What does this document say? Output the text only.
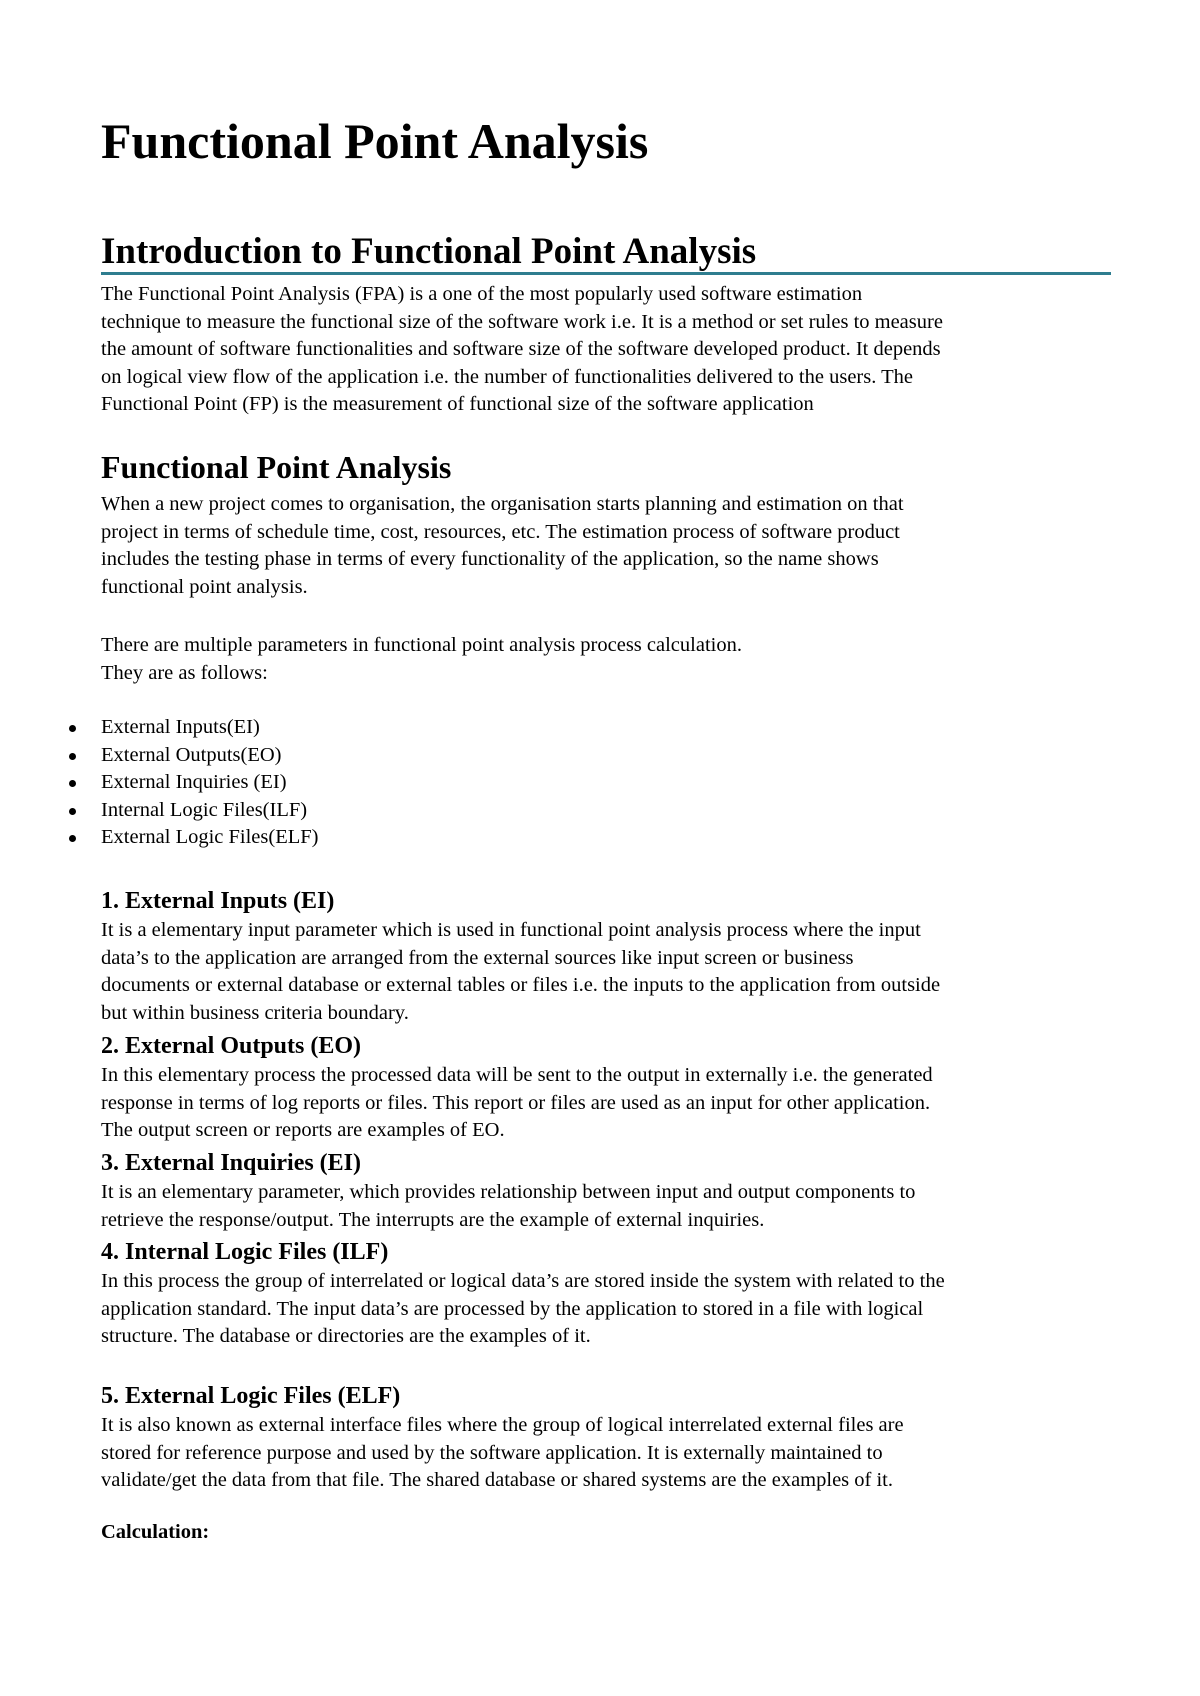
Functional Point Analysis
Introduction to Functional Point Analysis

The Functional Point Analysis (FPA) is a one of the most popularly used software estimation
technique to measure the functional size of the software work i.e. It is a method or set rules to measure
the amount of software functionalities and software size of the software developed product. It depends
on logical view flow of the application i.e. the number of functionalities delivered to the users. The
Functional Point (FP) is the measurement of functional size of the software application

Functional Point Analysis

When a new project comes to organisation, the organisation starts planning and estimation on that
project in terms of schedule time, cost, resources, etc. The estimation process of software product
includes the testing phase in terms of every functionality of the application, so the name shows
functional point analysis.

There are multiple parameters in functional point analysis process calculation.
They are as follows:

External Inputs(EI)
External Outputs(EO)
External Inquiries (EI)
Internal Logic Files(ILF)
External Logic Files(ELF)
1. External Inputs (EI)

It is a elementary input parameter which is used in functional point analysis process where the input
data’s to the application are arranged from the external sources like input screen or business
documents or external database or external tables or files i.e. the inputs to the application from outside
but within business criteria boundary.

2. External Outputs (EO)

In this elementary process the processed data will be sent to the output in externally i.e. the generated
response in terms of log reports or files. This report or files are used as an input for other application.
The output screen or reports are examples of EO.

3. External Inquiries (EI)

It is an elementary parameter, which provides relationship between input and output components to
retrieve the response/output. The interrupts are the example of external inquiries.

4. Internal Logic Files (ILF)

In this process the group of interrelated or logical data’s are stored inside the system with related to the
application standard. The input data’s are processed by the application to stored in a file with logical
structure. The database or directories are the examples of it.

5. External Logic Files (ELF)

It is also known as external interface files where the group of logical interrelated external files are
stored for reference purpose and used by the software application. It is externally maintained to
validate/get the data from that file. The shared database or shared systems are the examples of it.

Calculation:
